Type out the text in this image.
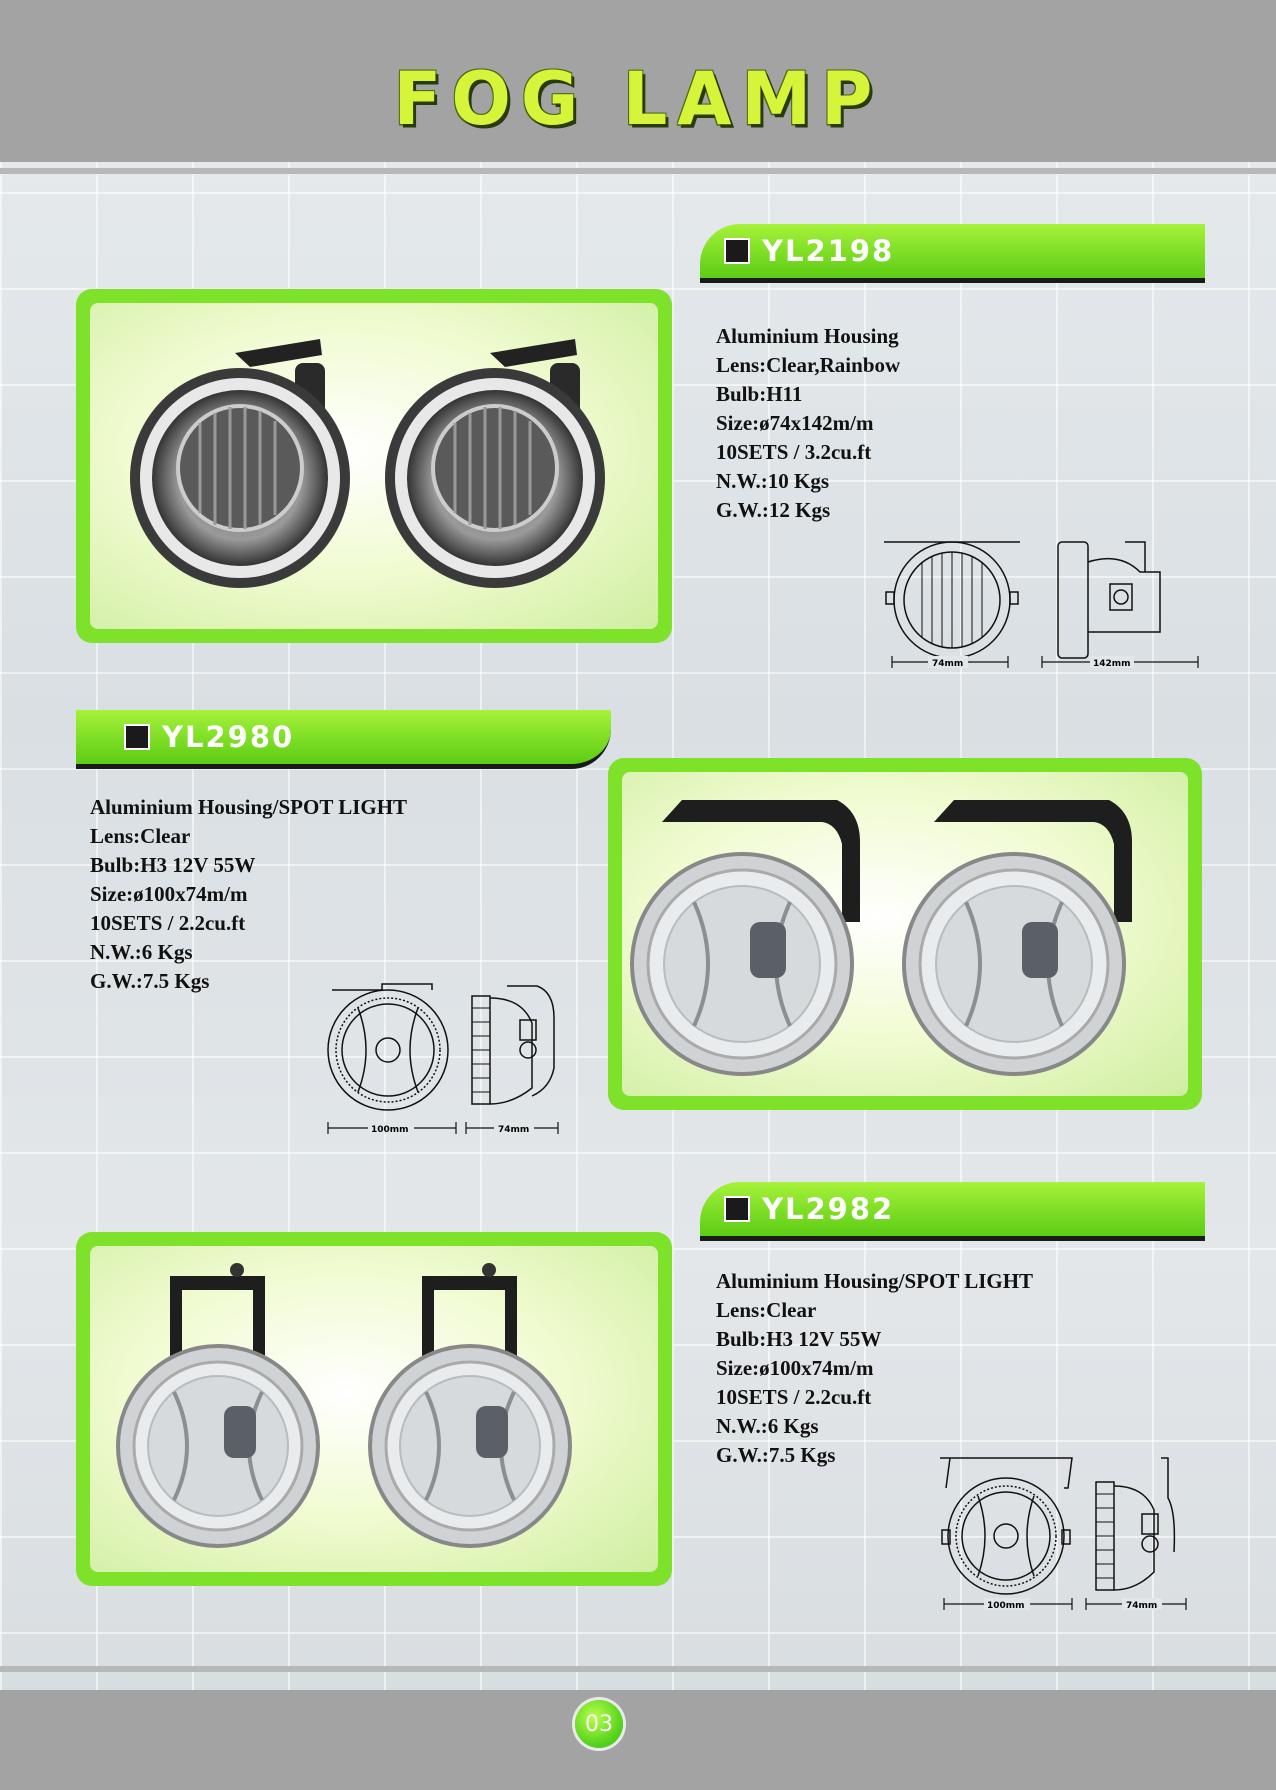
FOG LAMP
YL2198
Aluminium Housing
Lens:Clear,Rainbow
Bulb:H11
Size:ø74x142m/m
10SETS / 3.2cu.ft
N.W.:10 Kgs
G.W.:12 Kgs
74mm	142mm
YL2980
Aluminium Housing/SPOT LIGHT
Lens:Clear
Bulb:H3 12V 55W
Size:ø100x74m/m
10SETS / 2.2cu.ft
N.W.:6 Kgs
G.W.:7.5 Kgs
100mm	74mm
YL2982
Aluminium Housing/SPOT LIGHT
Lens:Clear
Bulb:H3 12V 55W
Size:ø100x74m/m
10SETS / 2.2cu.ft
N.W.:6 Kgs
G.W.:7.5 Kgs
100mm	74mm
03
